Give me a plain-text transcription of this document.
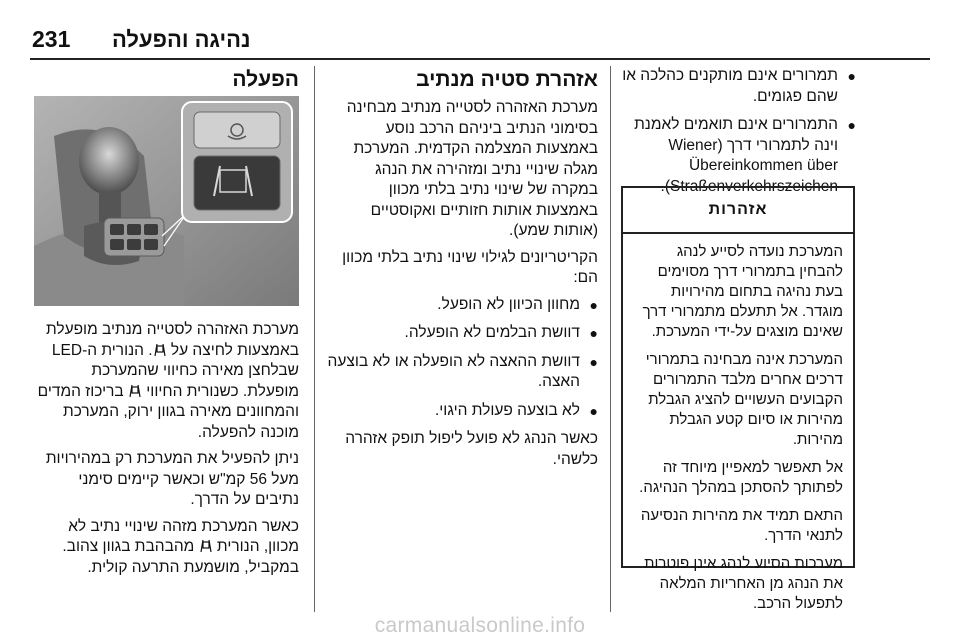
231 נהיגה והפעלה
●
תמרורים אינם מותקנים כהלכה או שהם פגומים.
●
התמרורים אינם תואמים לאמנת וינה לתמרורי דרך (Wiener Übereinkommen über Straßenverkehrszeichen).
אזהרות

המערכת נועדה לסייע לנהג להבחין בתמרורי דרך מסוימים בעת נהיגה בתחום מהירויות מוגדר. אל תתעלם מתמרורי דרך שאינם מוצגים על-ידי המערכת.

המערכת אינה מבחינה בתמרורי דרכים אחרים מלבד התמרורים הקבועים העשויים להציג הגבלת מהירות או סיום קטע הגבלת מהירות.

אל תאפשר למאפיין מיוחד זה לפתותך להסתכן במהלך הנהיגה.

התאם תמיד את מהירות הנסיעה לתנאי הדרך.

מערכות הסיוע לנהג אינן פוטרות את הנהג מן האחריות המלאה לתפעול הרכב.

אזהרת סטיה מנתיב

מערכת האזהרה לסטייה מנתיב מבחינה בסימוני הנתיב ביניהם הרכב נוסע באמצעות המצלמה הקדמית. המערכת מגלה שינויי נתיב ומזהירה את הנהג במקרה של שינוי נתיב בלתי מכוון באמצעות אותות חזותיים ואקוסטיים (אותות שמע).

הקריטריונים לגילוי שינוי נתיב בלתי מכוון הם:

●
מחוון הכיוון לא הופעל.
●
דוושת הבלמים לא הופעלה.
●
דוושת ההאצה לא הופעלה או לא בוצעה האצה.
●
לא בוצעה פעולת היגוי.

כאשר הנהג לא פועל ליפול תופק אזהרה כלשהי.

הפעלה

מערכת האזהרה לסטייה מנתיב מופעלת באמצעות לחיצה על . הנורית ה-LED שבלחצן מאירה כחיווי שהמערכת מופעלת. כשנורית החיווי  בריכוז המדים והמחוונים מאירה בגוון ירוק, המערכת מוכנה להפעלה.

ניתן להפעיל את המערכת רק במהירויות מעל 56 קמ"ש וכאשר קיימים סימני נתיבים על הדרך.

כאשר המערכת מזהה שינויי נתיב לא מכוון, הנורית  מהבהבת בגוון צהוב. במקביל, מושמעת התרעה קולית.

carmanualsonline.info
